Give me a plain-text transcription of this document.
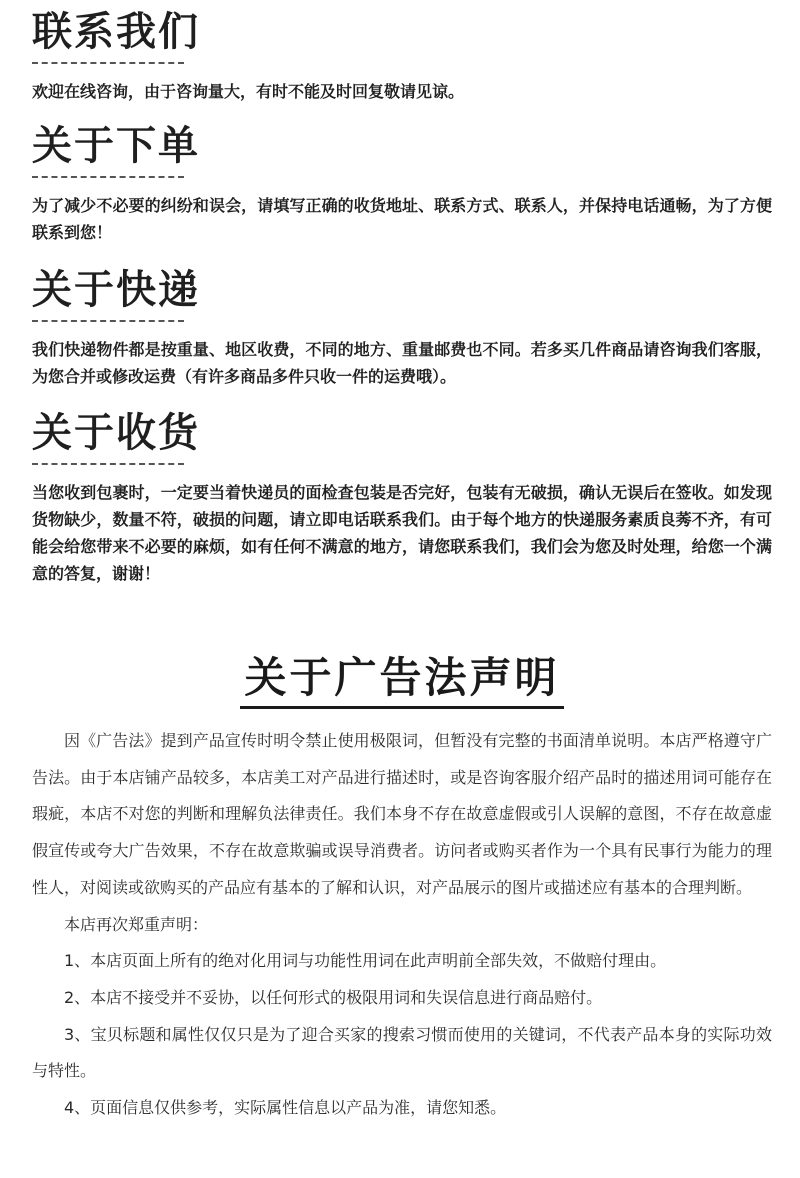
联系我们
欢迎在线咨询，由于咨询量大，有时不能及时回复敬请见谅。
关于下单
为了减少不必要的纠纷和误会，请填写正确的收货地址、联系方式、联系人，并保持电话通畅，为了方便联系到您！
关于快递
我们快递物件都是按重量、地区收费，不同的地方、重量邮费也不同。若多买几件商品请咨询我们客服，为您合并或修改运费（有许多商品多件只收一件的运费哦）。
关于收货
当您收到包裹时，一定要当着快递员的面检查包装是否完好，包装有无破损，确认无误后在签收。如发现货物缺少，数量不符，破损的问题，请立即电话联系我们。由于每个地方的快递服务素质良莠不齐，有可能会给您带来不必要的麻烦，如有任何不满意的地方，请您联系我们，我们会为您及时处理，给您一个满意的答复，谢谢！
关于广告法声明

因《广告法》提到产品宣传时明令禁止使用极限词，但暂没有完整的书面清单说明。本店严格遵守广告法。由于本店铺产品较多，本店美工对产品进行描述时，或是咨询客服介绍产品时的描述用词可能存在瑕疵，本店不对您的判断和理解负法律责任。我们本身不存在故意虚假或引人误解的意图，不存在故意虚假宣传或夸大广告效果，不存在故意欺骗或误导消费者。访问者或购买者作为一个具有民事行为能力的理性人，对阅读或欲购买的产品应有基本的了解和认识，对产品展示的图片或描述应有基本的合理判断。

本店再次郑重声明：

1、本店页面上所有的绝对化用词与功能性用词在此声明前全部失效，不做赔付理由。

2、本店不接受并不妥协，以任何形式的极限用词和失误信息进行商品赔付。

3、宝贝标题和属性仅仅只是为了迎合买家的搜索习惯而使用的关键词，不代表产品本身的实际功效与特性。

4、页面信息仅供参考，实际属性信息以产品为准，请您知悉。
